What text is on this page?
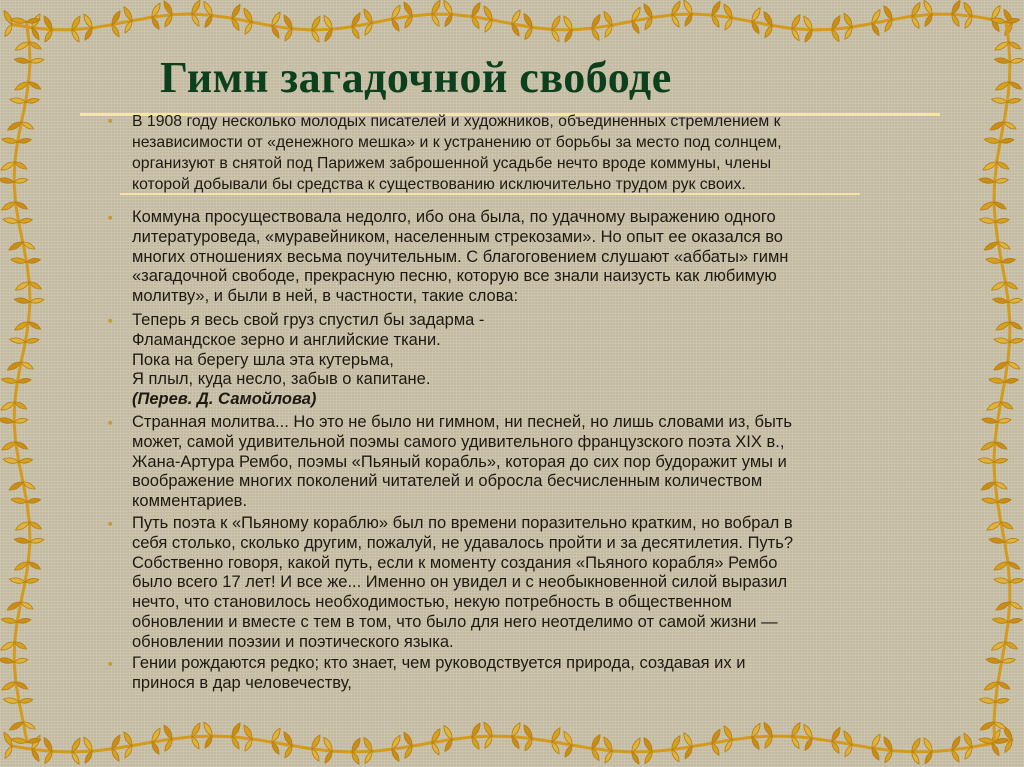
Гимн загадочной свободе
■ В 1908 году несколько молодых писателей и художников, объединенных стремлением к
независимости от «денежного мешка» и к устранению от борьбы за место под солнцем,
организуют в снятой под Парижем заброшенной усадьбе нечто вроде коммуны, члены
которой добывали бы средства к существованию исключительно трудом рук своих.

■ Коммуна просуществовала недолго, ибо она была, по удачному выражению одного
литературоведа, «муравейником, населенным стрекозами». Но опыт ее оказался во
многих отношениях весьма поучительным. С благоговением слушают «аббаты» гимн
«загадочной свободе, прекрасную песню, которую все знали наизусть как любимую
молитву», и были в ней, в частности, такие слова:

■ Теперь я весь свой груз спустил бы задарма -
Фламандское зерно и английские ткани.
Пока на берегу шла эта кутерьма,
Я плыл, куда несло, забыв о капитане.
(Перев. Д. Самойлова)

■ Странная молитва... Но это не было ни гимном, ни песней, но лишь словами из, быть
может, самой удивительной поэмы самого удивительного французского поэта XIX в.,
Жана-Артура Рембо, поэмы «Пьяный корабль», которая до сих пор будоражит умы и
воображение многих поколений читателей и обросла бесчисленным количеством
комментариев.

■ Путь поэта к «Пьяному кораблю» был по времени поразительно кратким, но вобрал в
себя столько, сколько другим, пожалуй, не удавалось пройти и за десятилетия. Путь?
Собственно говоря, какой путь, если к моменту создания «Пьяного корабля» Рембо
было всего 17 лет! И все же... Именно он увидел и с необыкновенной силой выразил
нечто, что становилось необходимостью, некую потребность в общественном
обновлении и вместе с тем в том, что было для него неотделимо от самой жизни —
обновлении поэзии и поэтического языка.

■ Гении рождаются редко; кто знает, чем руководствуется природа, создавая их и
принося в дар человечеству,
